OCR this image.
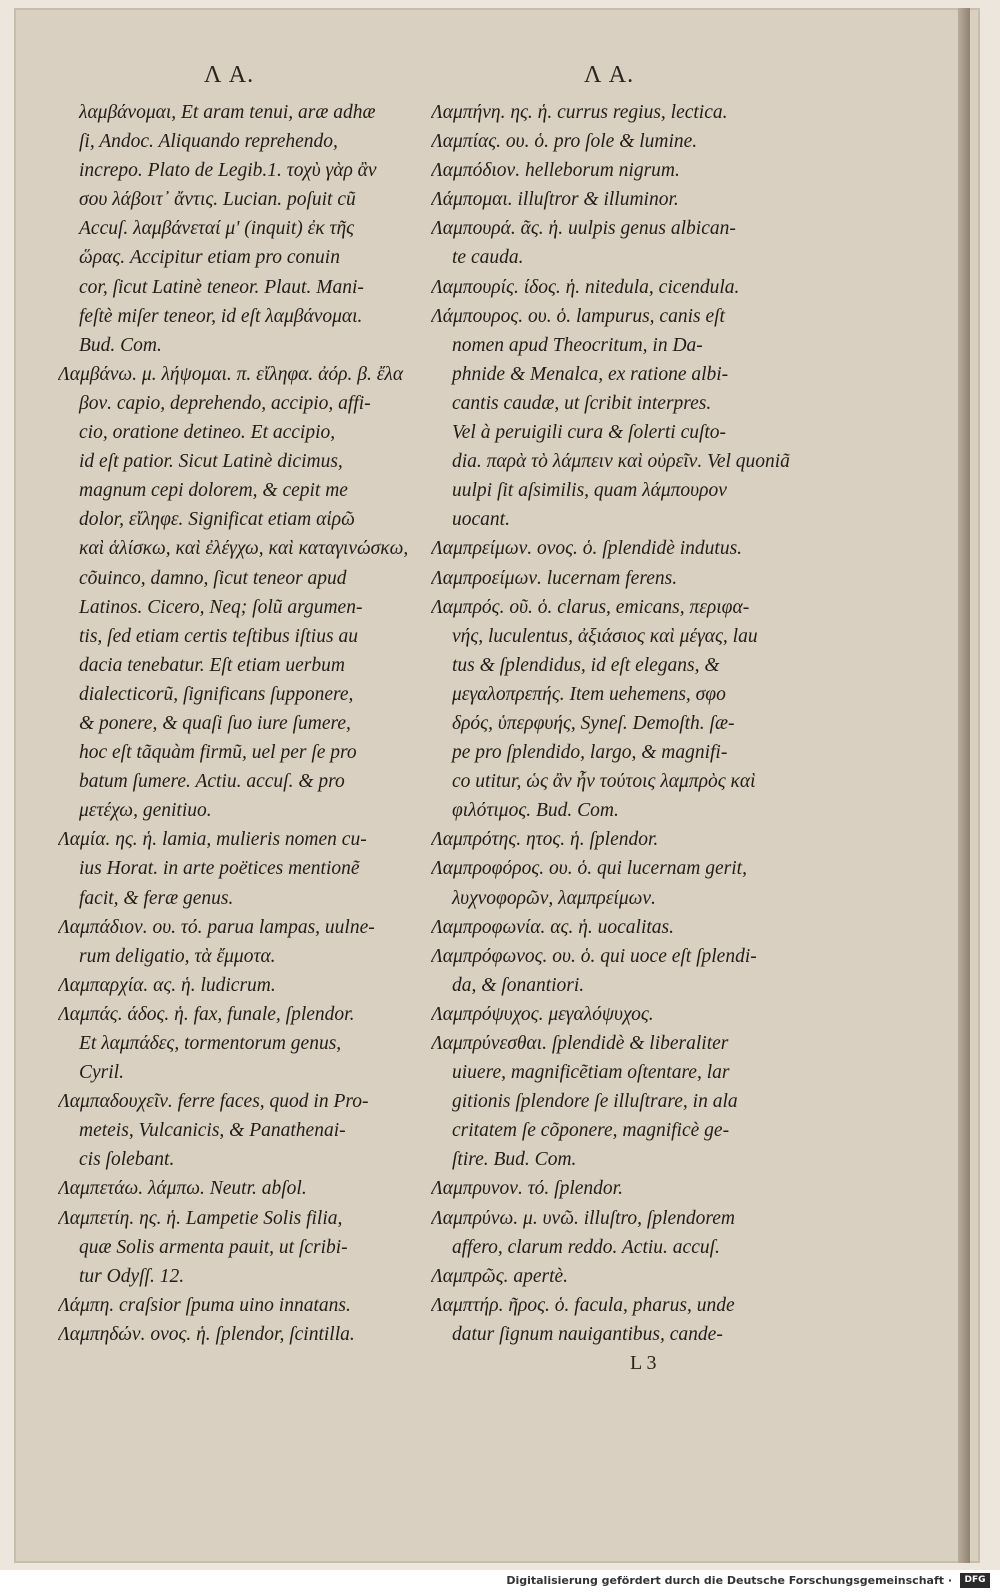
Λ A.	Λ A.
λαμβάνομαι, Et aram tenui, aræ adhæ
ſi, Andoc. Aliquando reprehendo,
increpo. Plato de Legib.1. τοχὺ γὰρ ἂν
σου λάβοιτ᾽ ἄντις. Lucian. poſuit cũ
Accuſ. λαμβάνεταί μ' (inquit) ἐκ τῆς
ὥρας. Accipitur etiam pro conuin
cor, ſicut Latinè teneor. Plaut. Mani-
feſtè miſer teneor, id eſt λαμβάνομαι.
Bud. Com.
Λαμβάνω. μ. λήψομαι. π. εἴληφα. ἀόρ. β. ἔλα
βον. capio, deprehendo, accipio, affi-
cio, oratione detineo. Et accipio,
id eſt patior. Sicut Latinè dicimus,
magnum cepi dolorem, & cepit me
dolor, εἴληφε. Significat etiam αἱρῶ
καὶ ἁλίσκω, καὶ ἐλέγχω, καὶ καταγινώσκω,
cõuinco, damno, ſicut teneor apud
Latinos. Cicero, Neq; ſolũ argumen-
tis, ſed etiam certis teſtibus iſtius au
dacia tenebatur. Eſt etiam uerbum
dialecticorũ, ſignificans ſupponere,
& ponere, & quaſi ſuo iure ſumere,
hoc eſt tãquàm firmũ, uel per ſe pro
batum ſumere. Actiu. accuſ. & pro
μετέχω, genitiuo.
Λαμία. ης. ἡ. lamia, mulieris nomen cu-
ius Horat. in arte poëtices mentionẽ
facit, & feræ genus.
Λαμπάδιον. ου. τό. parua lampas, uulne-
rum deligatio, τὰ ἔμμοτα.
Λαμπαρχία. ας. ἡ. ludicrum.
Λαμπάς. άδος. ἡ. fax, funale, ſplendor.
Et λαμπάδες, tormentorum genus,
Cyril.
Λαμπαδουχεῖν. ferre faces, quod in Pro-
meteis, Vulcanicis, & Panathenai-
cis ſolebant.
Λαμπετάω. λάμπω. Neutr. abſol.
Λαμπετίη. ης. ἡ. Lampetie Solis filia,
quæ Solis armenta pauit, ut ſcribi-
tur Odyſſ. 12.
Λάμπη. craſsior ſpuma uino innatans.
Λαμπηδών. ονος. ἡ. ſplendor, ſcintilla.
Λαμπήνη. ης. ἡ. currus regius, lectica.
Λαμπίας. ου. ὁ. pro ſole & lumine.
Λαμπόδιον. helleborum nigrum.
Λάμπομαι. illuſtror & illuminor.
Λαμπουρά. ᾶς. ἡ. uulpis genus albican-
te cauda.
Λαμπουρίς. ίδος. ἡ. nitedula, cicendula.
Λάμπουρος. ου. ὁ. lampurus, canis eſt
nomen apud Theocritum, in Da-
phnide & Menalca, ex ratione albi-
cantis caudæ, ut ſcribit interpres.
Vel à peruigili cura & ſolerti cuſto-
dia. παρὰ τὸ λάμπειν καὶ οὐρεῖν. Vel quoniã
uulpi ſit aſsimilis, quam λάμπουρον
uocant.
Λαμπρείμων. ονος. ὁ. ſplendidè indutus.
Λαμπροείμων. lucernam ferens.
Λαμπρός. οῦ. ὁ. clarus, emicans, περιφα-
νής, luculentus, ἀξιάσιος καὶ μέγας, lau
tus & ſplendidus, id eſt elegans, &
μεγαλοπρεπής. Item uehemens, σφο
δρός, ὑπερφυής, Syneſ. Demoſth. ſæ-
pe pro ſplendido, largo, & magnifi-
co utitur, ὡς ἂν ἦν τούτοις λαμπρὸς καὶ
φιλότιμος. Bud. Com.
Λαμπρότης. ητος. ἡ. ſplendor.
Λαμπροφόρος. ου. ὁ. qui lucernam gerit,
λυχνοφορῶν, λαμπρείμων.
Λαμπροφωνία. ας. ἡ. uocalitas.
Λαμπρόφωνος. ου. ὁ. qui uoce eſt ſplendi-
da, & ſonantiori.
Λαμπρόψυχος. μεγαλόψυχος.
Λαμπρύνεσθαι. ſplendidè & liberaliter
uiuere, magnificẽtiam oſtentare, lar
gitionis ſplendore ſe illuſtrare, in ala
critatem ſe cõponere, magnificè ge-
ſtire. Bud. Com.
Λαμπρυνον. τό. ſplendor.
Λαμπρύνω. μ. υνῶ. illuſtro, ſplendorem
affero, clarum reddo. Actiu. accuſ.
Λαμπρῶς. apertè.
Λαμπτήρ. ῆρος. ὁ. facula, pharus, unde
datur ſignum nauigantibus, cande-
L 3
Digitalisierung gefördert durch die Deutsche Forschungsgemeinschaft ·	DFG
